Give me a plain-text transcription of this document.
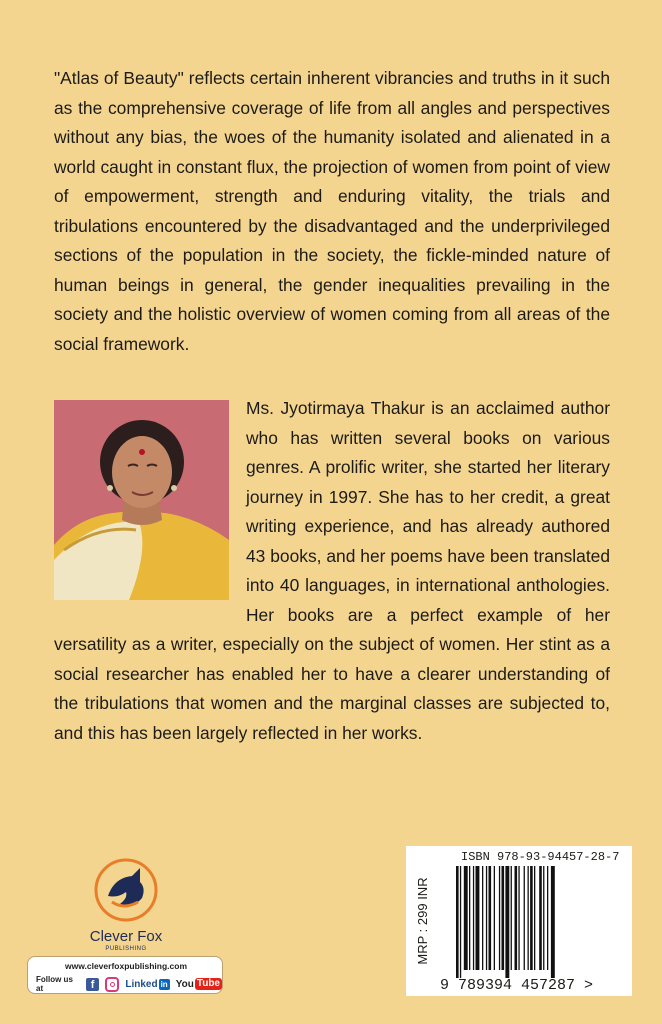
"Atlas of Beauty" reflects certain inherent vibrancies and truths in it such as the comprehensive coverage of life from all angles and perspectives without any bias, the woes of the humanity isolated and alienated in a world caught in constant flux, the projection of women from point of view of empowerment, strength and enduring vitality, the trials and tribulations encountered by the disadvantaged and the underprivileged sections of the population in the society, the fickle-minded nature of human beings in general, the gender inequalities prevailing in the society and the holistic overview of women coming from all areas of the social framework.

Ms. Jyotirmaya Thakur is an acclaimed author who has written several books on various genres. A prolific writer, she started her literary journey in 1997. She has to her credit, a great writing experience, and has already authored 43 books, and her poems have been translated into 40 languages, in international anthologies. Her books are a perfect example of her versatility as a writer, especially on the subject of women. Her stint as a social researcher has enabled her to have a clearer understanding of the tribulations that women and the marginal classes are subjected to, and this has been largely reflected in her works.
Clever Fox
PUBLISHING
www.cleverfoxpublishing.com
Follow us at	f	Linked in You Tube
MRP : 299 INR
ISBN 978-93-94457-28-7
9 789394 457287 >
